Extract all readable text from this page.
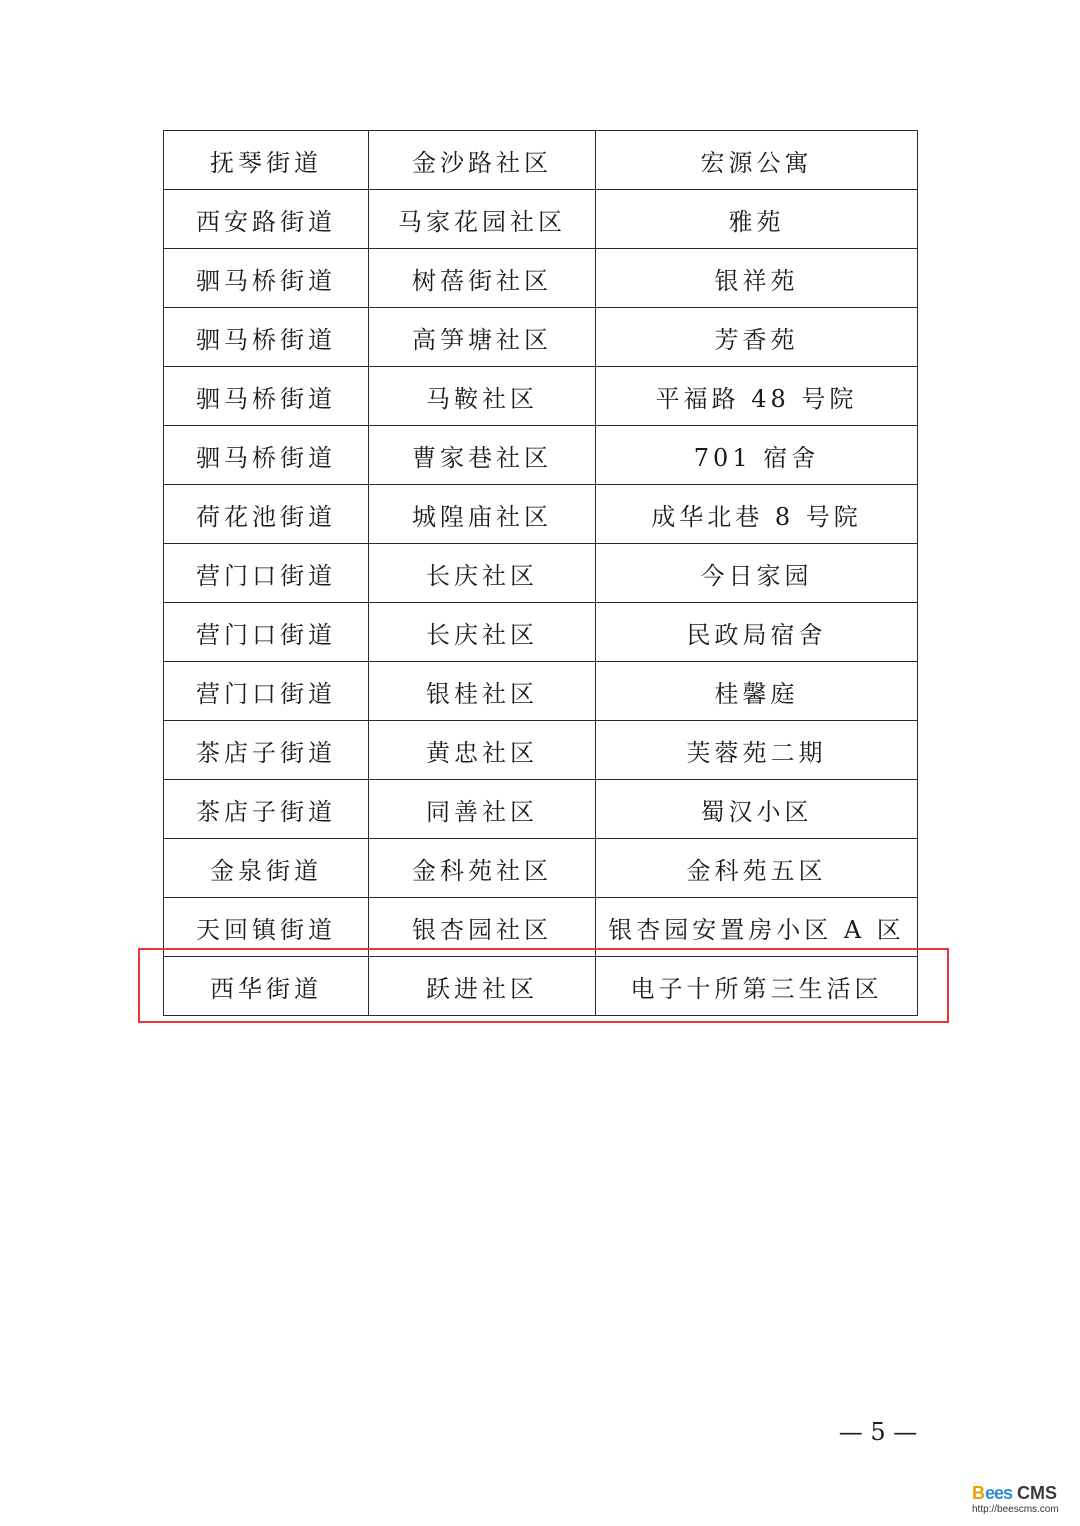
抚琴街道	金沙路社区	宏源公寓
西安路街道	马家花园社区	雅苑
驷马桥街道	树蓓街社区	银祥苑
驷马桥街道	高笋塘社区	芳香苑
驷马桥街道	马鞍社区	平福路 48 号院
驷马桥街道	曹家巷社区	701 宿舍
荷花池街道	城隍庙社区	成华北巷 8 号院
营门口街道	长庆社区	今日家园
营门口街道	长庆社区	民政局宿舍
营门口街道	银桂社区	桂馨庭
茶店子街道	黄忠社区	芙蓉苑二期
茶店子街道	同善社区	蜀汉小区
金泉街道	金科苑社区	金科苑五区
天回镇街道	银杏园社区	银杏园安置房小区 A 区
西华街道	跃进社区	电子十所第三生活区
— 5 —
Bees CMS
http://beescms.com
